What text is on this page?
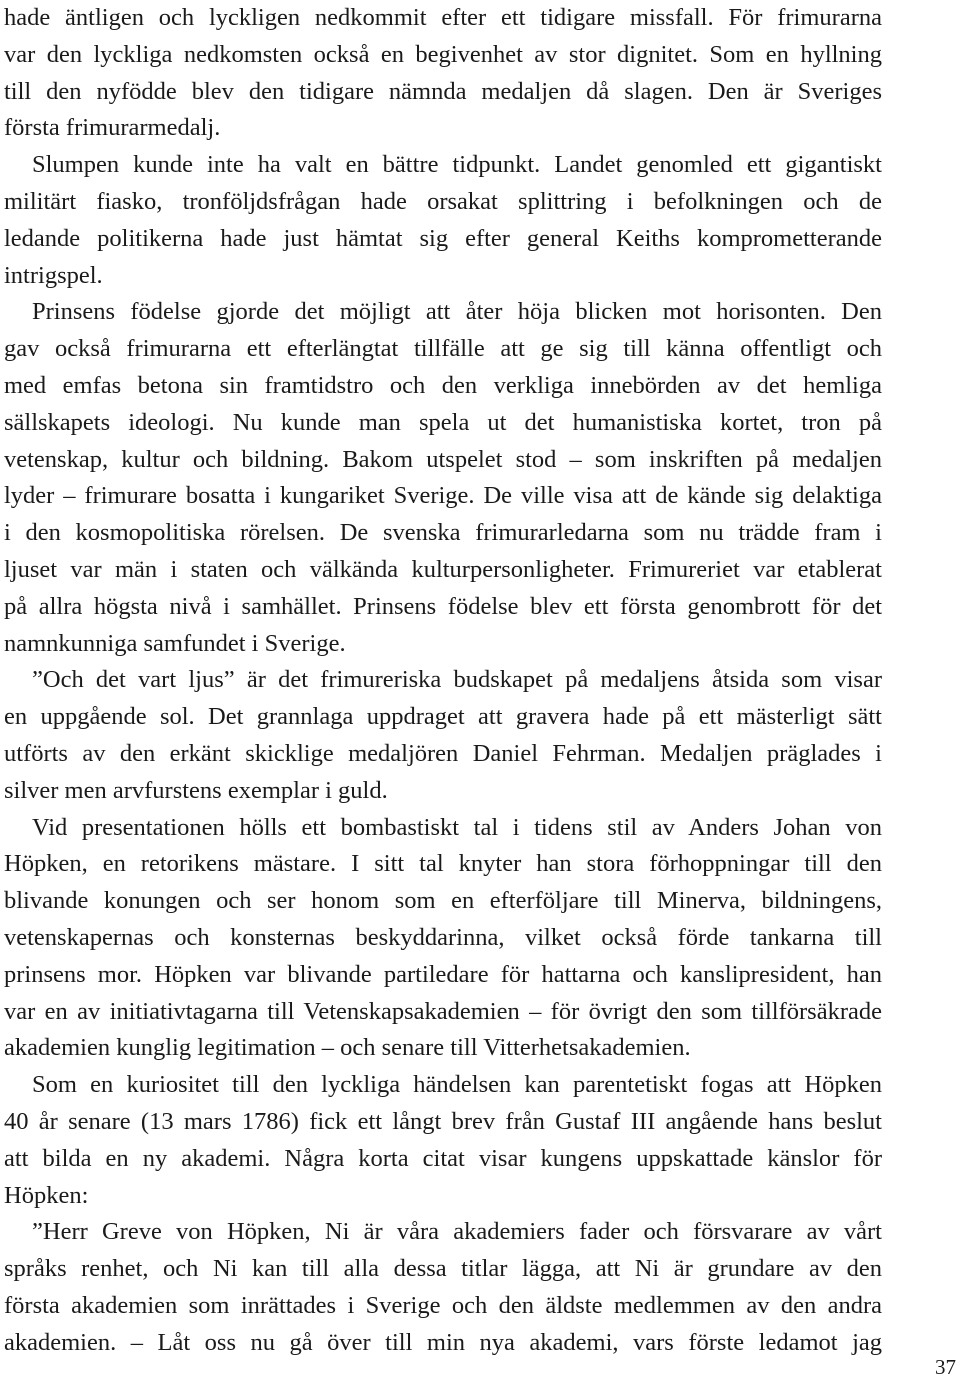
hade äntligen och lyckligen nedkommit efter ett tidigare missfall. För frimurarna
var den lyckliga nedkomsten också en begivenhet av stor dignitet. Som en hyllning
till den nyfödde blev den tidigare nämnda medaljen då slagen. Den är Sveriges
första frimurarmedalj.
Slumpen kunde inte ha valt en bättre tidpunkt. Landet genomled ett gigantiskt
militärt fiasko, tronföljdsfrågan hade orsakat splittring i befolkningen och de
ledande politikerna hade just hämtat sig efter general Keiths komprometterande
intrigspel.
Prinsens födelse gjorde det möjligt att åter höja blicken mot horisonten. Den
gav också frimurarna ett efterlängtat tillfälle att ge sig till känna offentligt och
med emfas betona sin framtidstro och den verkliga innebörden av det hemliga
sällskapets ideologi. Nu kunde man spela ut det humanistiska kortet, tron på
vetenskap, kultur och bildning. Bakom utspelet stod – som inskriften på medaljen
lyder – frimurare bosatta i kungariket Sverige. De ville visa att de kände sig delaktiga
i den kosmopolitiska rörelsen. De svenska frimurarledarna som nu trädde fram i
ljuset var män i staten och välkända kulturpersonligheter. Frimureriet var etablerat
på allra högsta nivå i samhället. Prinsens födelse blev ett första genombrott för det
namnkunniga samfundet i Sverige.
”Och det vart ljus” är det frimureriska budskapet på medaljens åtsida som visar
en uppgående sol. Det grannlaga uppdraget att gravera hade på ett mästerligt sätt
utförts av den erkänt skicklige medaljören Daniel Fehrman. Medaljen präglades i
silver men arvfurstens exemplar i guld.
Vid presentationen hölls ett bombastiskt tal i tidens stil av Anders Johan von
Höpken, en retorikens mästare. I sitt tal knyter han stora förhoppningar till den
blivande konungen och ser honom som en efterföljare till Minerva, bildningens,
vetenskapernas och konsternas beskyddarinna, vilket också förde tankarna till
prinsens mor. Höpken var blivande partiledare för hattarna och kanslipresident, han
var en av initiativtagarna till Vetenskapsakademien – för övrigt den som tillförsäkrade
akademien kunglig legitimation – och senare till Vitterhetsakademien.
Som en kuriositet till den lyckliga händelsen kan parentetiskt fogas att Höpken
40 år senare (13 mars 1786) fick ett långt brev från Gustaf III angående hans beslut
att bilda en ny akademi. Några korta citat visar kungens uppskattade känslor för
Höpken:
”Herr Greve von Höpken, Ni är våra akademiers fader och försvarare av vårt
språks renhet, och Ni kan till alla dessa titlar lägga, att Ni är grundare av den
första akademien som inrättades i Sverige och den äldste medlemmen av den andra
akademien. – Låt oss nu gå över till min nya akademi, vars förste ledamot jag
37
